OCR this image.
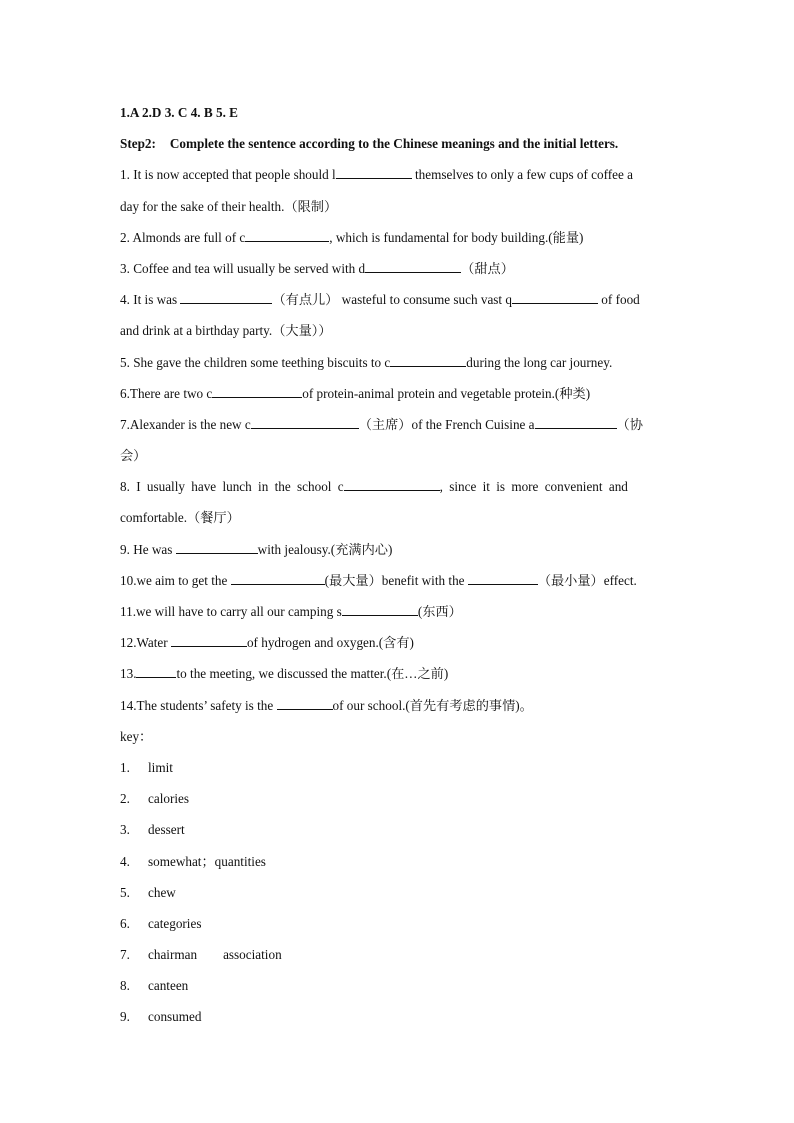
1.A 2.D 3. C 4. B 5. E
Step2: Complete the sentence according to the Chinese meanings and the initial letters.
1. It is now accepted that people should l	themselves to only a few cups of coffee a
day for the sake of their health.（限制）
2. Almonds are full of c	, which is fundamental for body building.(能量)
3. Coffee and tea will usually be served with d	（甜点）
4. It is was	（有点儿） wasteful to consume such vast q	of food
and drink at a birthday party.（大量））
5. She gave the children some teething biscuits to c	during the long car journey.
6.There are two c	of protein-animal protein and vegetable protein.(种类)
7.Alexander is the new c	（主席）of the French Cuisine a	（协
会）
8. I usually have lunch in the school c	, since it is more convenient and
comfortable.（餐厅）
9. He was	with jealousy.(充满内心)
10.we aim to get the	(最大量）benefit with the	（最小量）effect.
11.we will have to carry all our camping s	(东西）
12.Water	of hydrogen and oxygen.(含有)
13.	to the meeting, we discussed the matter.(在…之前)
14.The students’ safety is the	of our school.(首先有考虑的事情)。
key：
1.	limit
2.	calories
3.	dessert
4.	somewhat；quantities
5.	chew
6.	categories
7.	chairman association
8.	canteen
9.	consumed
